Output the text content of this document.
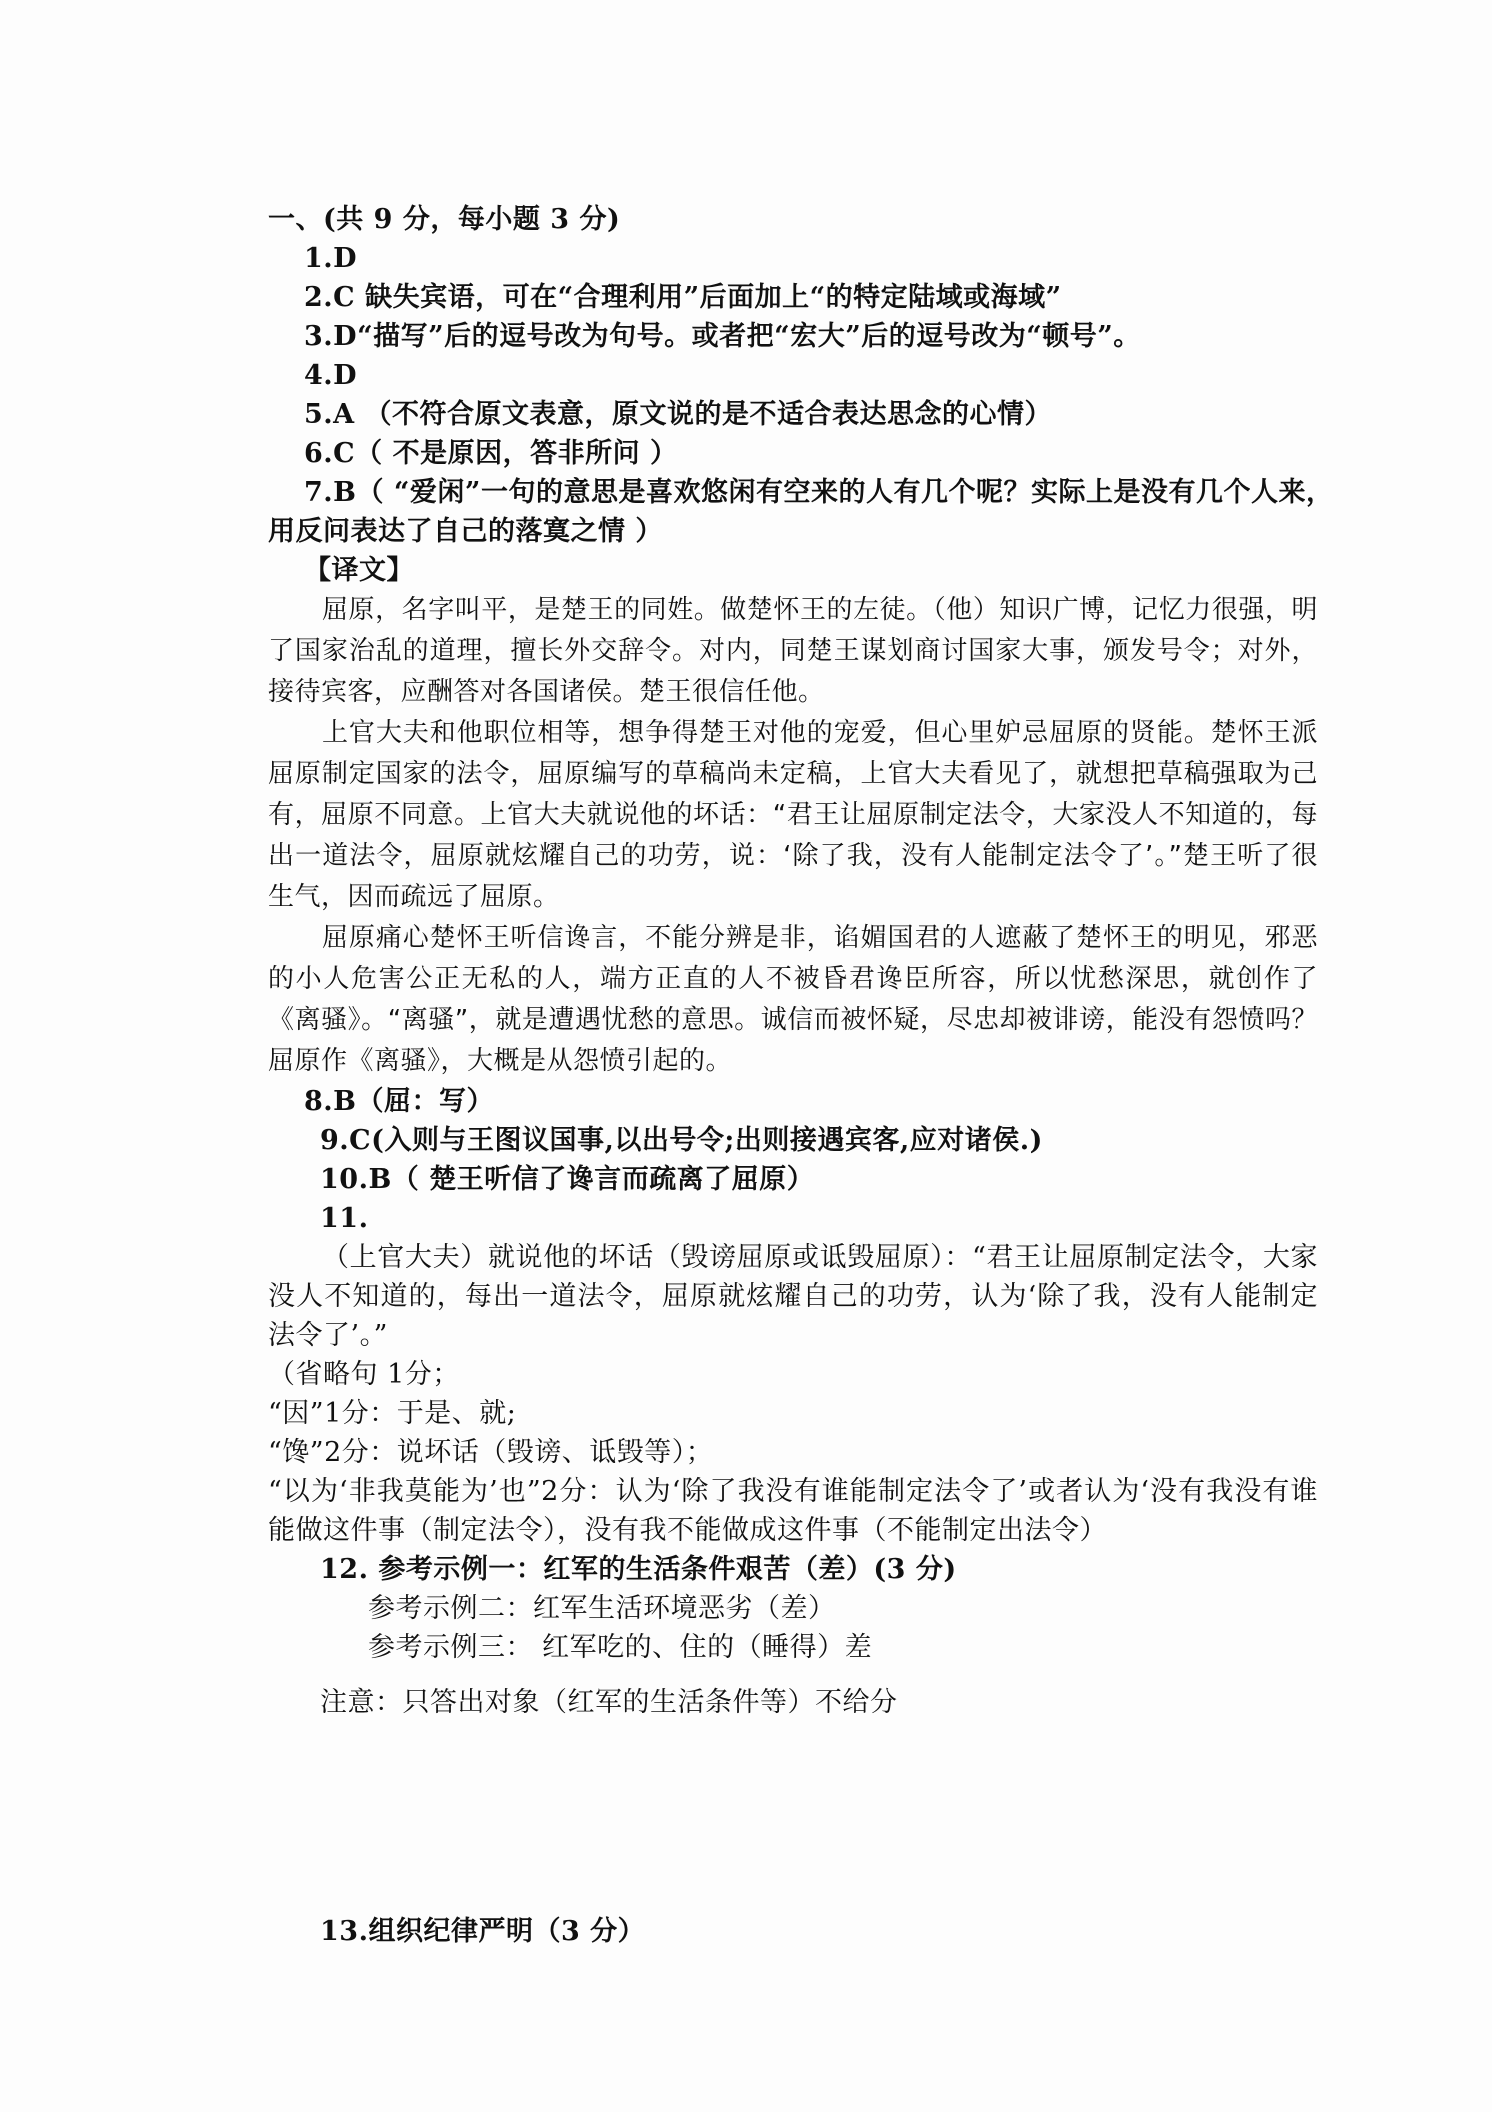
一、(共 9 分，每小题 3 分)
1.D
2.C 缺失宾语，可在“合理利用”后面加上“的特定陆域或海域”
3.D“描写”后的逗号改为句号。或者把“宏大”后的逗号改为“顿号”。
4.D
5.A （不符合原文表意，原文说的是不适合表达思念的心情）
6.C（ 不是原因，答非所问 ）
7.B（ “爱闲”一句的意思是喜欢悠闲有空来的人有几个呢？实际上是没有几个人来，
用反问表达了自己的落寞之情 ）
【译文】
屈原，名字叫平，是楚王的同姓。做楚怀王的左徒。（他）知识广博，记忆力很强，明了国家治乱的道理，擅长外交辞令。对内，同楚王谋划商讨国家大事，颁发号令；对外，接待宾客，应酬答对各国诸侯。楚王很信任他。
上官大夫和他职位相等，想争得楚王对他的宠爱，但心里妒忌屈原的贤能。楚怀王派屈原制定国家的法令，屈原编写的草稿尚未定稿，上官大夫看见了，就想把草稿强取为己有，屈原不同意。上官大夫就说他的坏话：“君王让屈原制定法令，大家没人不知道的，每出一道法令，屈原就炫耀自己的功劳，说：‘除了我，没有人能制定法令了’。”楚王听了很生气，因而疏远了屈原。
屈原痛心楚怀王听信谗言，不能分辨是非，谄媚国君的人遮蔽了楚怀王的明见，邪恶的小人危害公正无私的人，端方正直的人不被昏君谗臣所容，所以忧愁深思，就创作了《离骚》。“离骚”，就是遭遇忧愁的意思。诚信而被怀疑，尽忠却被诽谤，能没有怨愤吗？屈原作《离骚》，大概是从怨愤引起的。
8.B（屈：写）
9.C(入则与王图议国事,以出号令;出则接遇宾客,应对诸侯.)
10.B（ 楚王听信了谗言而疏离了屈原）
11.
（上官大夫）就说他的坏话（毁谤屈原或诋毁屈原）：“君王让屈原制定法令，大家没人不知道的，每出一道法令，屈原就炫耀自己的功劳，认为‘除了我，没有人能制定法令了’。”
（省略句 1分；
“因”1分：于是、就;
“馋”2分：说坏话（毁谤、诋毁等）；
“以为‘非我莫能为’也”2分：认为‘除了我没有谁能制定法令了’或者认为‘没有我没有谁能做这件事（制定法令），没有我不能做成这件事（不能制定出法令）
12. 参考示例一：红军的生活条件艰苦（差）(3 分)
参考示例二：红军生活环境恶劣（差）
参考示例三： 红军吃的、住的（睡得）差
注意：只答出对象（红军的生活条件等）不给分
13.组织纪律严明（3 分）
